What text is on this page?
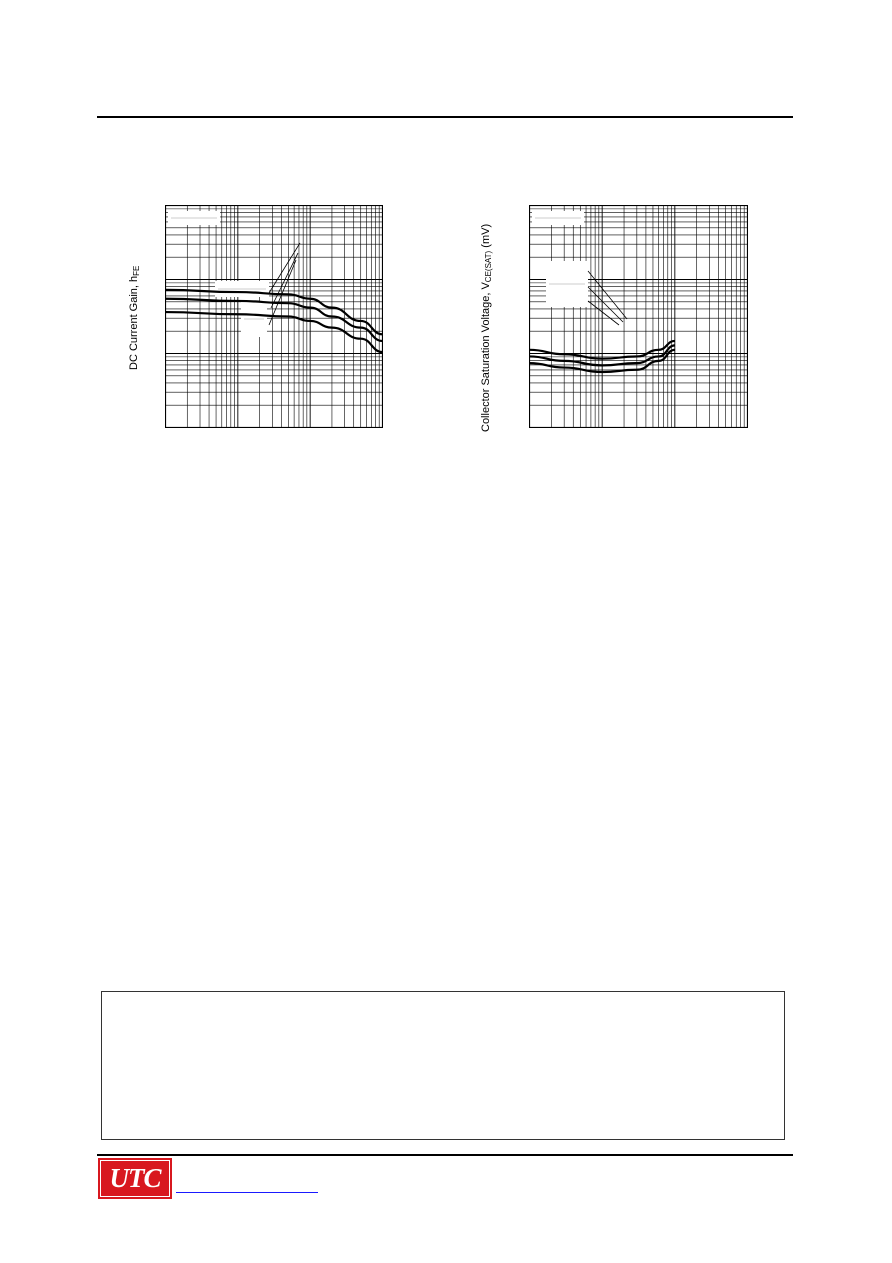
DC Current Gain, $h_{FE}$
Collector Saturation Voltage, $V_{CE(SAT)}$ (mV)
UTC
